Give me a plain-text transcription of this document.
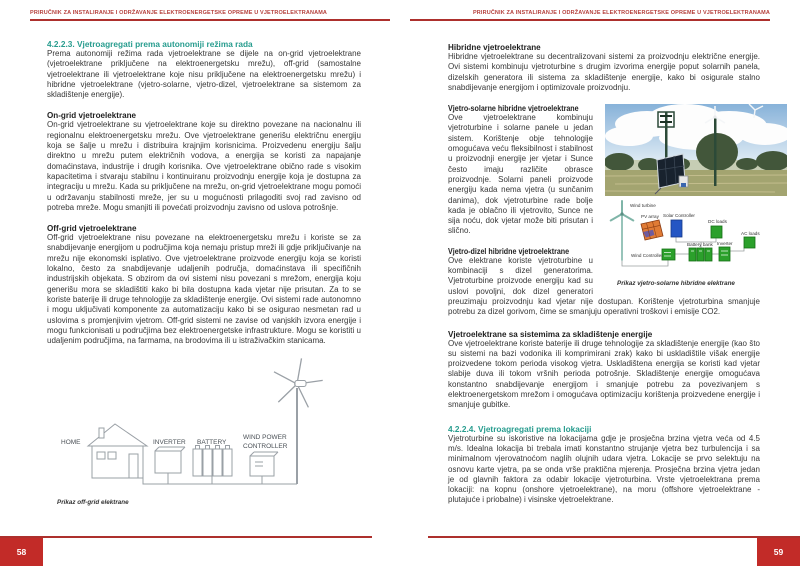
PRIRUČNIK ZA INSTALIRANJE I ODRŽAVANJE ELEKTROENERGETSKE OPREME U VJETROELEKTRANAMA
4.2.2.3. Vjetroagregati prema autonomiji režima rada

Prema autonomiji režima rada vjetroelektrane se dijele na on-grid vjetroelektrane (vjetroelektrane priključene na elektroenergetsku mrežu), off-grid (samostalne vjetroelektrane ili vjetroelektrane koje nisu priključene na elektroenergetsku mrežu) i hibridne vjetroelektrane (vjetro-solarne, vjetro-dizel, vjetroelektrane sa sistemom za skladištenje energije).

On-grid vjetroelektrane

On-grid vjetroelektrane su vjetroelektrane koje su direktno povezane na nacionalnu ili regionalnu elektroenergetsku mrežu. Ove vjetroelektrane generišu električnu energiju koja se šalje u mrežu i distribuira krajnjim korisnicima. Proizvedenu energiju šalju direktno u mrežu putem električnih vodova, a energija se koristi za napajanje domaćinstava, industrije i drugih korisnika. Ove vjetroelektrane obično rade s visokim kapacitetima i stvaraju stabilnu i kontinuiranu proizvodnju energije koja je dostupna za integraciju u mrežu. Kada su priključene na mrežu, on-grid vjetroelektrane mogu pomoći u održavanju stabilnosti mreže, jer su u mogućnosti prilagoditi svoj rad zavisno od potreba mreže. Mogu smanjiti ili povećati proizvodnju zavisno od uslova potrošnje.

Off-grid vjetroelektrane

Off-grid vjetroelektrane nisu povezane na elektroenergetsku mrežu i koriste se za snabdijevanje energijom u područjima koja nemaju pristup mreži ili gdje priključivanje na mrežu nije ekonomski isplativo. Ove vjetroelektrane proizvode energiju koja se koristi lokalno, često za snabdijevanje udaljenih područja, domaćinstava ili specifičnih industrijskih objekata. S obzirom da ovi sistemi nisu povezani s mrežom, energija koju generišu mora se skladištiti kako bi bila dostupna kada vjetar nije prisutan. Za to se koriste baterije ili druge tehnologije za skladištenje energije. Ovi sistemi rade autonomno i mogu uključivati komponente za automatizaciju kako bi se osigurao nesmetan rad u uslovima s promjenjivim vjetrom. Off-grid sistemi ne zavise od vanjskih izvora energije i mogu funkcionisati u područjima bez elektroenergetske infrastrukture. Mogu se koristiti u udaljenim područjima, na farmama, na brodovima ili u istraživačkim stanicama.

HOME	INVERTER BATTERY
WIND POWER
CONTROLLER
Prikaz off-grid elektrane
58
PRIRUČNIK ZA INSTALIRANJE I ODRŽAVANJE ELEKTROENERGETSKE OPREME U VJETROELEKTRANAMA
Hibridne vjetroelektrane

Hibridne vjetroelektrane su decentralizovani sistemi za proizvodnju električne energije. Ovi sistemi kombinuju vjetroturbine s drugim izvorima energije poput solarnih panela, dizelskih generatora ili sistema za skladištenje energije, kako bi osigurale stalno snabdijevanje energijom i optimizovale proizvodnju.

Wind turbine
PV array Solar Controller
DC loads
Battery bank Inverter
AC loads
Wind Controller
Prikaz vjetro-solarne hibridne elektrane
Vjetro-solarne hibridne vjetroelektrane

Ove vjetroelektrane kombinuju vjetroturbine i solarne panele u jedan sistem. Korištenje obje tehnologije omogućava veću fleksibilnost i stabilnost u proizvodnji energije jer vjetar i Sunce često imaju različite obrasce proizvodnje. Solarni paneli proizvode energiju kada nema vjetra (u sunčanim danima), dok vjetroturbine rade bolje kada je oblačno ili vjetrovito, Sunce ne sija noću, dok vjetar može biti prisutan i slično.

Vjetro-dizel hibridne vjetroelektrane

Ove elektrane koriste vjetroturbine u kombinaciji s dizel generatorima. Vjetroturbine proizvode energiju kad su uslovi povoljni, dok dizel generatori preuzimaju proizvodnju kad vjetar nije dostupan. Korištenje vjetroturbina smanjuje potrebu za dizel gorivom, čime se smanjuju operativni troškovi i emisije CO2.

Vjetroelektrane sa sistemima za skladištenje energije

Ove vjetroelektrane koriste baterije ili druge tehnologije za skladištenje energije (kao što su sistemi na bazi vodonika ili komprimirani zrak) kako bi uskladištile višak energije proizvedene tokom perioda visokog vjetra. Uskladištena energija se koristi kad vjetar slabije duva ili tokom vršnih perioda potrošnje. Skladištenje energije omogućava konstantno snabdijevanje energijom i smanjuje potrebu za povezivanjem s elektroenergetskom mrežom i omogućava optimizaciju korištenja proizvedene energije i smanjuje gubitke.

4.2.2.4. Vjetroagregati prema lokaciji

Vjetroturbine su iskoristive na lokacijama gdje je prosječna brzina vjetra veća od 4.5 m/s. Idealna lokacija bi trebala imati konstantno strujanje vjetra bez turbulencija i sa minimalnom vjerovatnoćom naglih olujnih udara vjetra. Lokacije se prvo selektuju na osnovu karte vjetra, pa se onda vrše praktična mjerenja. Prosječna brzina vjetra jedan je od glavnih faktora za odabir lokacije vjetroturbina. Vrste vjetroelektrana prema lokaciji: na kopnu (onshore vjetroelektrane), na moru (offshore vjetroelektrane - plutajuće i priobalne) i visinske vjetroelektrane.

59
